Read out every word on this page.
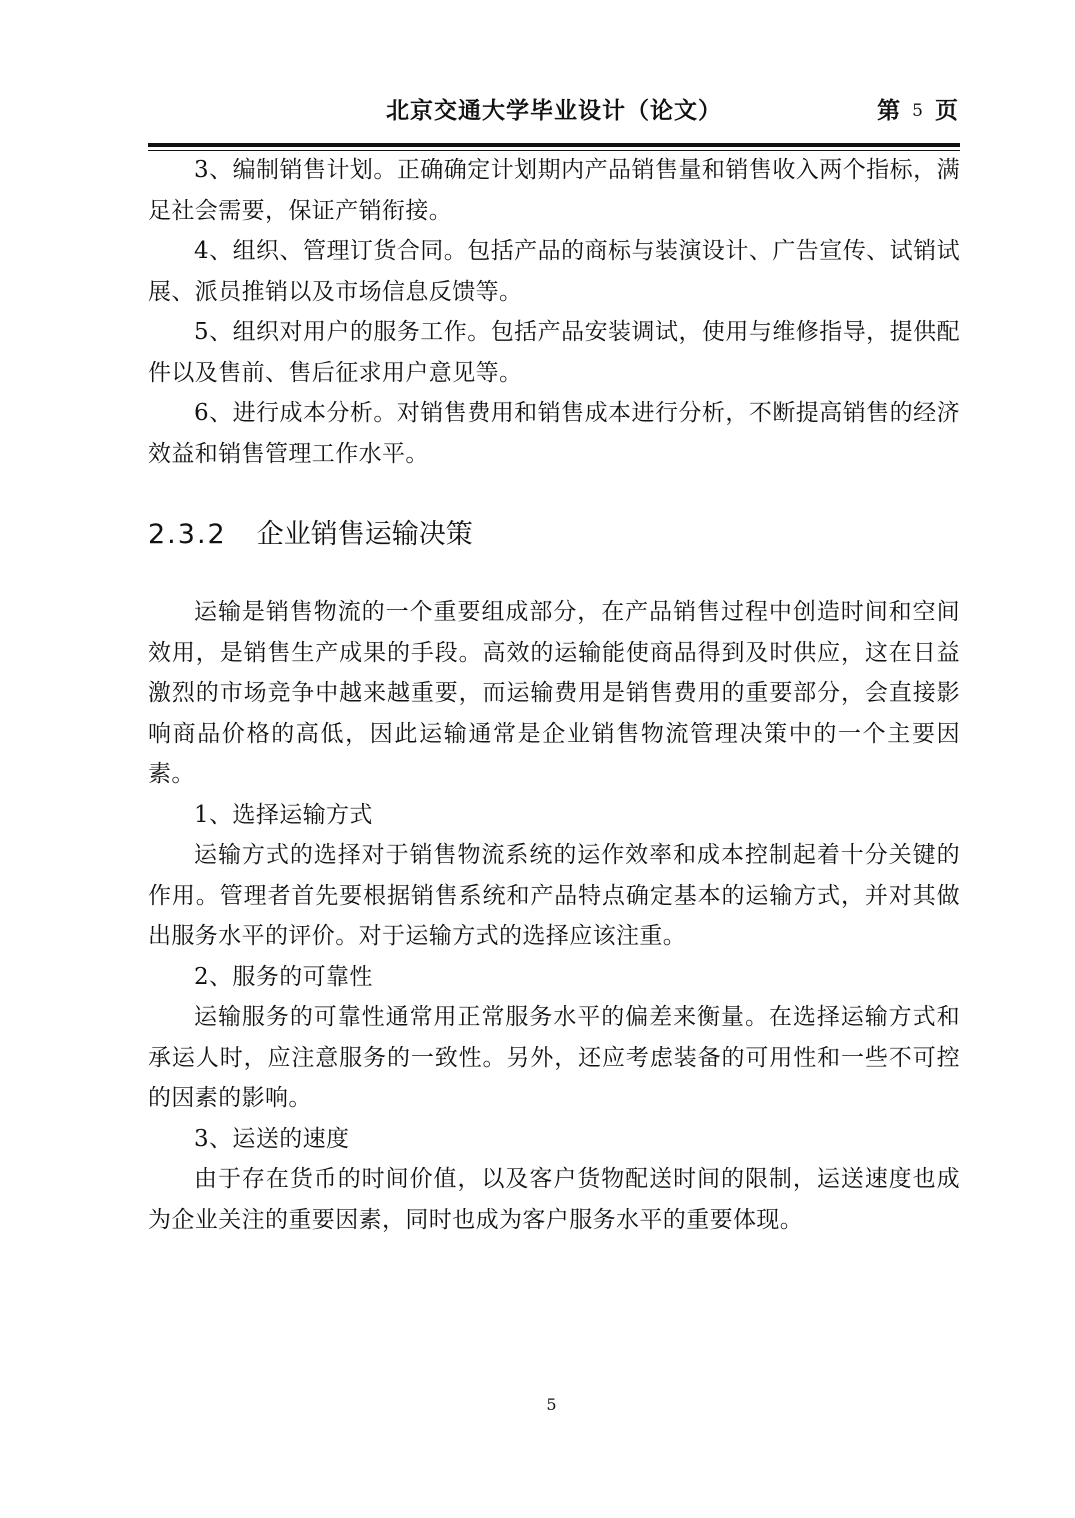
北京交通大学毕业设计（论文）	第 5 页

3、编制销售计划。正确确定计划期内产品销售量和销售收入两个指标，满足社会需要，保证产销衔接。

4、组织、管理订货合同。包括产品的商标与装演设计、广告宣传、试销试展、派员推销以及市场信息反馈等。

5、组织对用户的服务工作。包括产品安装调试，使用与维修指导，提供配件以及售前、售后征求用户意见等。

6、进行成本分析。对销售费用和销售成本进行分析，不断提高销售的经济效益和销售管理工作水平。

2.3.2 企业销售运输决策

运输是销售物流的一个重要组成部分，在产品销售过程中创造时间和空间效用，是销售生产成果的手段。高效的运输能使商品得到及时供应，这在日益激烈的市场竞争中越来越重要，而运输费用是销售费用的重要部分，会直接影响商品价格的高低，因此运输通常是企业销售物流管理决策中的一个主要因素。

1、选择运输方式

运输方式的选择对于销售物流系统的运作效率和成本控制起着十分关键的作用。管理者首先要根据销售系统和产品特点确定基本的运输方式，并对其做出服务水平的评价。对于运输方式的选择应该注重。

2、服务的可靠性

运输服务的可靠性通常用正常服务水平的偏差来衡量。在选择运输方式和承运人时，应注意服务的一致性。另外，还应考虑装备的可用性和一些不可控的因素的影响。

3、运送的速度

由于存在货币的时间价值，以及客户货物配送时间的限制，运送速度也成为企业关注的重要因素，同时也成为客户服务水平的重要体现。

5
